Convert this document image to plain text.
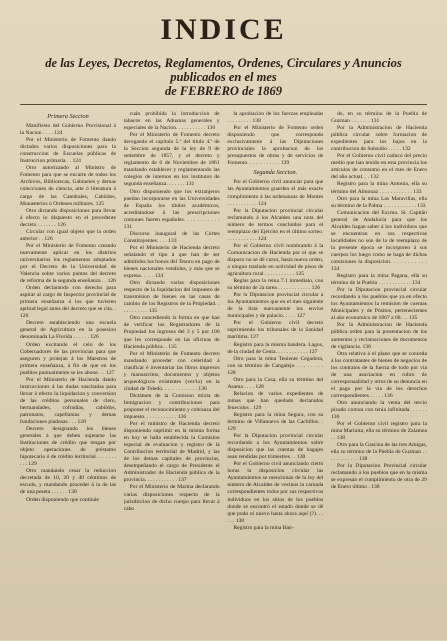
INDICE
de las Leyes, Decretos, Reglamentos, Ordenes, Circulares y Anuncios publicados en el mes
de FEBRERO de 1869
Primera Seccion

Manifiesto del Gobierno Provisional á la Nacion . . . . 124

Por el Ministerio de Fomento dando dictados varios disposiciones para la construccion de Escuelas públicas de Instruccion primaria . . 124

Otro autorizando al Ministro de Fomento para que se encarte de todos los Archivos, Bibliotecas, Gabinetes y demas colecciones de ciencia, arte ó literatura á cargo de las Catedrales, Cabildos, Monasterios ú Ordenes militares. 125

Otro dictando disposiciones para llevar á efecto lo dispuesto en el precedente decreto . . . . . . . 126

Circular con igual objeto que la orden anterior . . 126

Por el Ministerio de Fomento creando nuevamente aplicar en los distritos universitarios los reglamentos adoptados por el Decreto de la Universidad de Valencia sobre varios puntos del decreto de reforma de la segunda enseñanza . . 126

Orden declarando con derecho para aspirar al cargo de Inspector provincial de primera enseñanza á los que tuvieren aptitud legal antes del decreto que se cita. . 126

Decreto estableciendo una escuela general de Agricultura en la posesion denominada La Florida . . . . . . 126

Orden excitando el celo de los Gobernadores de las provincias para que aseguren y protejan á los Maestros de primera enseñanza, á fin de que en los pueblos puntualmente se les abone. . . 127

Por el Ministerio de Hacienda dando instrucciones á las dudas suscitadas para llevar á efecto la liquidacion y conversion de las créditos personales de clero, hermandades, cofradías, cabildos, patronatos, capellanías y demas fundaciones piadosas . . . 128

Decreto designando los bienes generales á que deben sujetarse las Instituciones de crédito que tengan por objeto operaciones de préstamo hipotecario ó de crédito territorial . . . . . . . . . . 129

Otro mandando cesar la reduccion decretada de 10, 20 y 40 céntimos de escudo, y mandando proceder á la de las de una peseta . . . . . . 130

Orden disponiendo que continúe

cuán prohibida la introduccion de tabacos en las Aduanas generales y especiales de la Nacion. . . . . . . . . . . 130

Por el Ministerio de Fomento decreto derogando el capítulo 5.º del título 4.º de la Seccion segunda de la ley de 9 de setiembre de 1857, y el decreto y reglamento de 6 de Noviembre de 1861 mandando establecer y reglamentando las colegios de internos en los institutos de segunda enseñanza. . . . . . . 131

Otro disponiendo que los extranjeros puedan incorporarse en las Universidades de España los títulos académicos, acreditándose á las prescripciones comunes fueren españoles. . . . . . . . . . . 131

Discurso inaugural de las Córtes Constituyentes. . . . 133

Por el Ministerio de Hacienda decreto señalando el tipo á que han de ser admitidos los bonos del Tesoro en pago de bienes nacionales vendidos, y más que se expresa. . . . . 134

Otro dictando varias disposiciones respecto de la liquidacion del impuesto de transmision de bienes en las casas de cambio de los Registros de la Propiedad. . . . . . . . . . . 135

Otro concediendo la forma en que han de verificar los Registradores de la Propiedad los ingresos del 3 y 5 por 100 que les corresponde en las oficinas de Hacienda pública. . 135

Por el Ministerio de Fomento decreto mandando proceder con celeridad á clasificar é inventariar las libros impresos y manuscritos, documentos y objetos arqueológicos existentes (ver/lo) en la ciudad de Toledo. . . . . . . . . . . . . 136

Dictámen de la Comision mixta de Inmigracion y contribuciones para proponer el reconocimiento y cobranza del impuesto. . . . . . . . . . . . 136

Por el ministro de Hacienda decreto disponiendo suprimir en la misma forma en hoy se halla establecida la Comision especial de evaluacion y registro de la Contribucion territorial de Madrid, y las de los demas capitales de provincias, desempeñando el cargo de Presidente el Administrador de Hacienda pública de la provincia. . . . . . . . . . . . 137

Por el Ministerio de Marina declarando varias disposiciones respecto de la jurisdiccion de dicho cuerpo para llevar á cabo

la aprobacion de los fuerzas empleadas . . . . . . . . . 138

Por el Ministerio de Fomento orden disponiendo que correspondo exclusivamente á las Diputaciones provinciales la aprobacion de los presupuestos de obras y de servicios de Fomento. . . . . . . . . . . . 139

Segunda Seccion.

Por el Gobierno civil anunciar para que las Ayuntamientos guarden el más exacto cumplimiento á las ordenanzas de Montes . . . . . . . . . . . 124

Por la Diputacion provincial circular reclamando á los Alcaldes una nota del número de termos concluidos para el reemplazo del Ejército en el último sorteo. . . . . . . . . . . . 124

Por el Gobierno civil nombrando á la Comunicacion de Hacienda por el que se dispuso no se dé curso, hasta nueva orden, a ningun traslado en actividad de pisos de agricultura rural . . . . . . . . . . . 125

Reglas para la reina 7.1 inmediato, con su término de 2a tarea . . . . . . . . . . . . 126

Por la Diputacion provincial circular a los Ayuntamientos que en el mes siguiente de la lista nuevamente los envíos municipales y de palacio. . . . . 127

Por el Gobierno civil decreto suprimiendo los tribunales de la Sanidad marítima. 127

Registro para la misma bandera. Lagos, de la ciudad de Ceuta. . . . . . . . . . . . 127

Otro para la mina Teniente Cegadora, con su término de Cangalejo . . . . . . . . 128

Otro para la Casa, ella su término del Asama . . . . 128

Relacion de varios expedientes de minas que han quedado declarados fenecidos . 129

Registro para la mina Segura, con su término de Villanueva de las Cachillos. . 129

Por la Diputacion provincial circular recordando a los Ayuntamientos sobre disposicion que las cuentas de bagajes sean rendidas por trimestres . . 130

Por el Gobierno civil anunciando cierto horas la disposicion circular las Ayuntamientos se mencionan de la ley del número de Alcaldes de vecinos la carnada correspondientes todos por sus respectivos individuos en los sitios de los pueblos donde se encontró el estado donde se dé que pudo ni nuevo hasta ahora aquí (?). . . . . . 138

Registro para la mina Ban-

do, en su término de la Puebla de Guzman . . . . . . . 131

Por la Administracion de Hacienda pública circular sobre formacion de expedientes para los bajos en la contribucion de Subsidio . . . . . 132

Por el Gobierno civil caducó del precio medio que han tenido en esta provincia los artículos de consumo en el mes de Enero del año actual. . . 132

Registro para la mina Antonia, ella su término del Almonaz . . . . . . . . . . . . 133

Otro para la mina Las Maravillas, ella su término de la Palma . . . . . . . . . . . . 133

Comunicacion del Excmo. Sr. Capitán general de Andalucía para que los Alcaldes hagan saber á los individuos que se encuentran en sus respectivas localidades no son de la de reemplazo de la presente época se incorporen á sus cuerpos los luego como se haga de dichas comisiones la disposicion. . . . . . . . . . . 134

Registro para la mina Pagana, ella su término de la Puebla . . . . . . . . . . . . 134

Por la Diputacion provincial circular recordando a los pueblos que ya en efecto los Ayuntamientos la remision de cuentas Municipales y de Pósitos, pertenecientes al año economico de 1867 a 68. . . 135

Por la Administracion de Hacienda pública orden para la presentacion de los aumentos y reclamaciones de documentos de vigilancia. 136

Otra relativa á el plano que se conceda á los contratantes de bienes de negocios de los contratos de la fuerza de todo por via de una asociacion en rubro de corresponsalidad y otros de su denuncia en el pago por la via de los derechos correspondientes . . . . . 136

Otro anunciando la venta del tercio pixado comun con tenia infinitada. . . . . . 136

Por el Gobierno civil registro para la mina Marinita, ella su término de Zalamea . . 138

Otro para la Gascina de las tres Amigas, ella su término de la Puebla de Guzman . . . . . . . . . . . . 138

Por la Diputacion Provincial circular reclamando á los pueblos que en la misma se expresan el cumplimiento de otra de 29 de Enero último . 138
